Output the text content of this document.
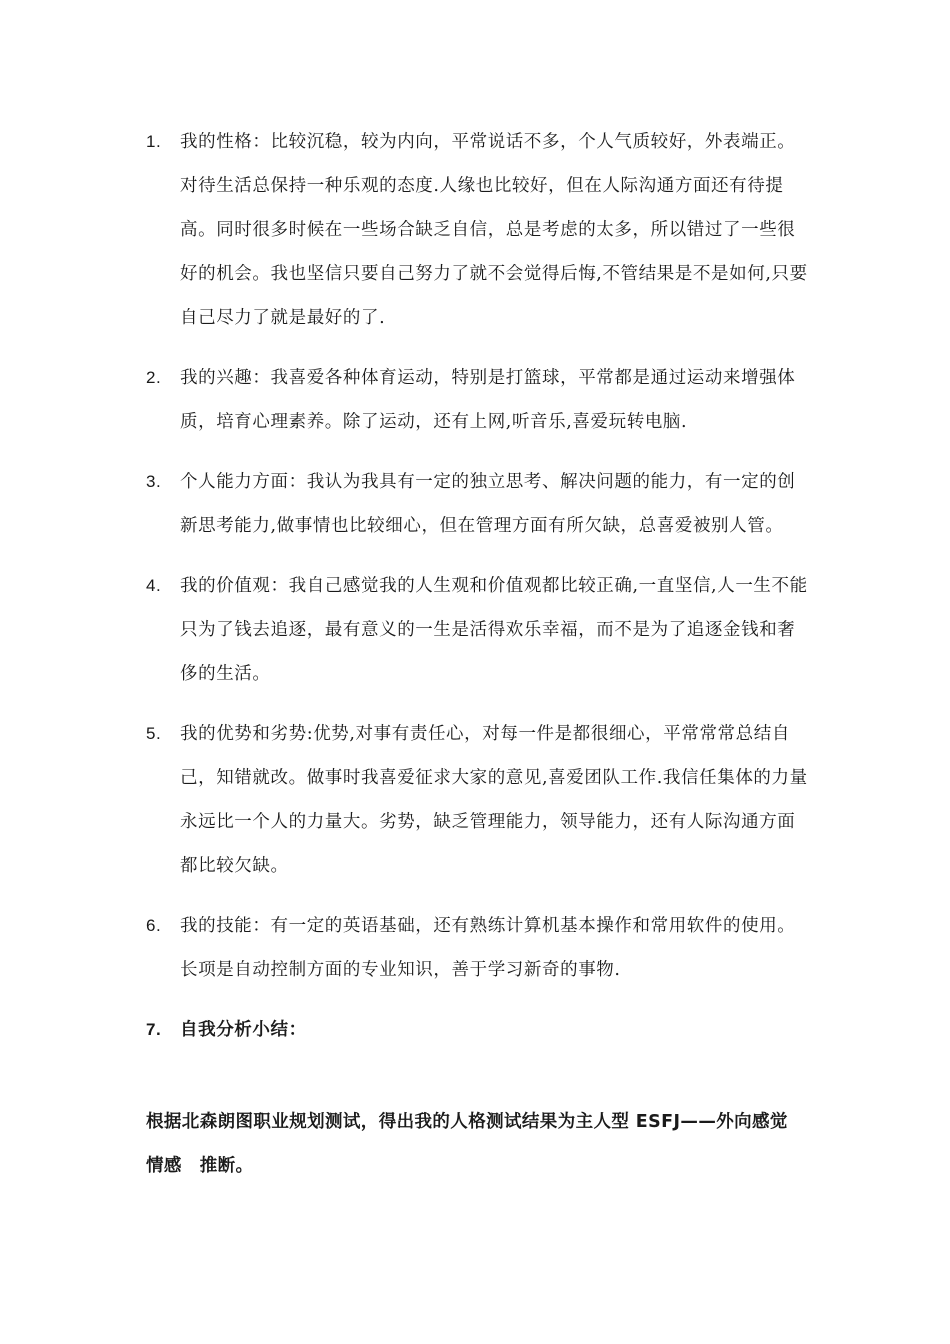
1. 我的性格：比较沉稳，较为内向，平常说话不多，个人气质较好，外表端正。对待生活总保持一种乐观的态度.人缘也比较好，但在人际沟通方面还有待提高。同时很多时候在一些场合缺乏自信，总是考虑的太多，所以错过了一些很好的机会。我也坚信只要自己努力了就不会觉得后悔,不管结果是不是如何,只要自己尽力了就是最好的了.
2. 我的兴趣：我喜爱各种体育运动，特别是打篮球，平常都是通过运动来增强体质，培育心理素养。除了运动，还有上网,听音乐,喜爱玩转电脑.
3. 个人能力方面：我认为我具有一定的独立思考、解决问题的能力，有一定的创新思考能力,做事情也比较细心，但在管理方面有所欠缺，总喜爱被别人管。
4. 我的价值观：我自己感觉我的人生观和价值观都比较正确,一直坚信,人一生不能只为了钱去追逐，最有意义的一生是活得欢乐幸福，而不是为了追逐金钱和奢侈的生活。
5. 我的优势和劣势:优势,对事有责任心，对每一件是都很细心，平常常常总结自己，知错就改。做事时我喜爱征求大家的意见,喜爱团队工作.我信任集体的力量永远比一个人的力量大。劣势，缺乏管理能力，领导能力，还有人际沟通方面都比较欠缺。
6. 我的技能：有一定的英语基础，还有熟练计算机基本操作和常用软件的使用。长项是自动控制方面的专业知识，善于学习新奇的事物.
7. 自我分析小结：

根据北森朗图职业规划测试，得出我的人格测试结果为主人型 ESFJ——外向感觉　情感　推断。
